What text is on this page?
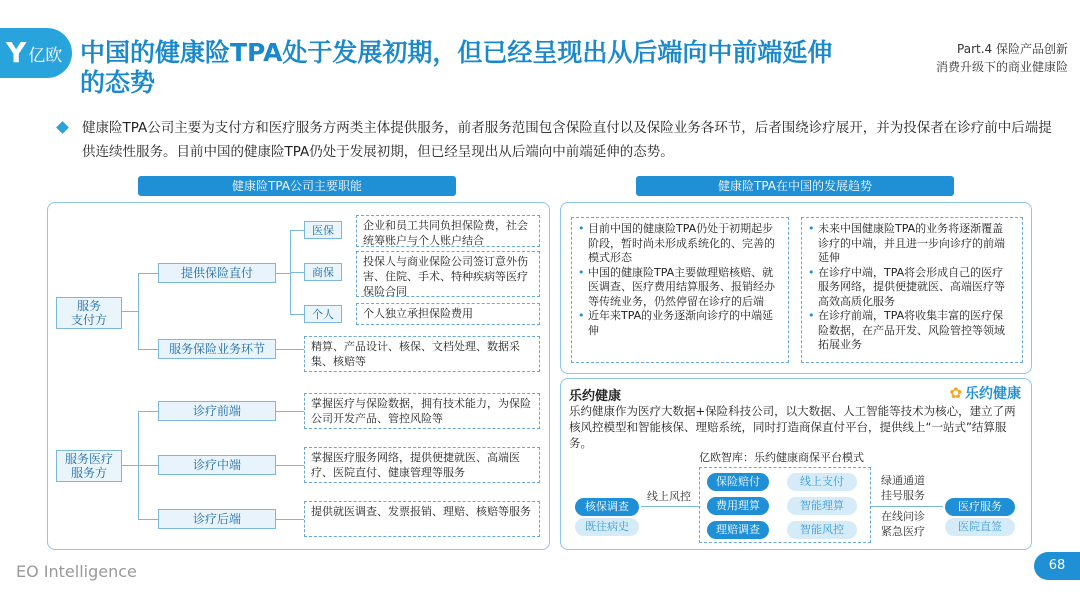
Y 亿欧 中国的健康险TPA处于发展初期，但已经呈现出从后端向中前端延伸的态势
Part.4 保险产品创新
消费升级下的商业健康险
健康险TPA公司主要为支付方和医疗服务方两类主体提供服务，前者服务范围包含保险直付以及保险业务各环节，后者围绕诊疗展开，并为投保者在诊疗前中后端提供连续性服务。目前中国的健康险TPA仍处于发展初期，但已经呈现出从后端向中前端延伸的态势。
健康险TPA公司主要职能	健康险TPA在中国的发展趋势
服务
支付方
服务医疗
服务方
提供保险直付
服务保险业务环节
诊疗前端
诊疗中端
诊疗后端
医保
商保
个人
企业和员工共同负担保险费，社会统筹账户与个人账户结合
投保人与商业保险公司签订意外伤害、住院、手术、特种疾病等医疗保险合同
个人独立承担保险费用
精算、产品设计、核保、文档处理、数据采集、核赔等
掌握医疗与保险数据，拥有技术能力，为保险公司开发产品、管控风险等
掌握医疗服务网络，提供便捷就医、高端医疗、医院直付、健康管理等服务
提供就医调查、发票报销、理赔、核赔等服务
• 目前中国的健康险TPA仍处于初期起步阶段，暂时尚未形成系统化的、完善的模式形态
• 中国的健康险TPA主要做理赔核赔、就医调查、医疗费用结算服务、报销经办等传统业务，仍然停留在诊疗的后端
• 近年来TPA的业务逐渐向诊疗的中端延伸
• 未来中国健康险TPA的业务将逐渐覆盖诊疗的中端，并且进一步向诊疗的前端延伸
• 在诊疗中端，TPA将会形成自己的医疗服务网络，提供便捷就医、高端医疗等高效高质化服务
• 在诊疗前端，TPA将收集丰富的医疗保险数据，在产品开发、风险管控等领域拓展业务
乐约健康	✿ 乐约健康
乐约健康作为医疗大数据+保险科技公司，以大数据、人工智能等技术为核心，建立了两核风控模型和智能核保、理赔系统，同时打造商保直付平台，提供线上“一站式”结算服务。
亿欧智库：乐约健康商保平台模式
核保调查
既往病史
线上风控
保险赔付
费用理算
理赔调查
线上支付
智能理算
智能风控
绿通通道
挂号服务
在线问诊
紧急医疗
医疗服务
医院直签
EO Intelligence	68
